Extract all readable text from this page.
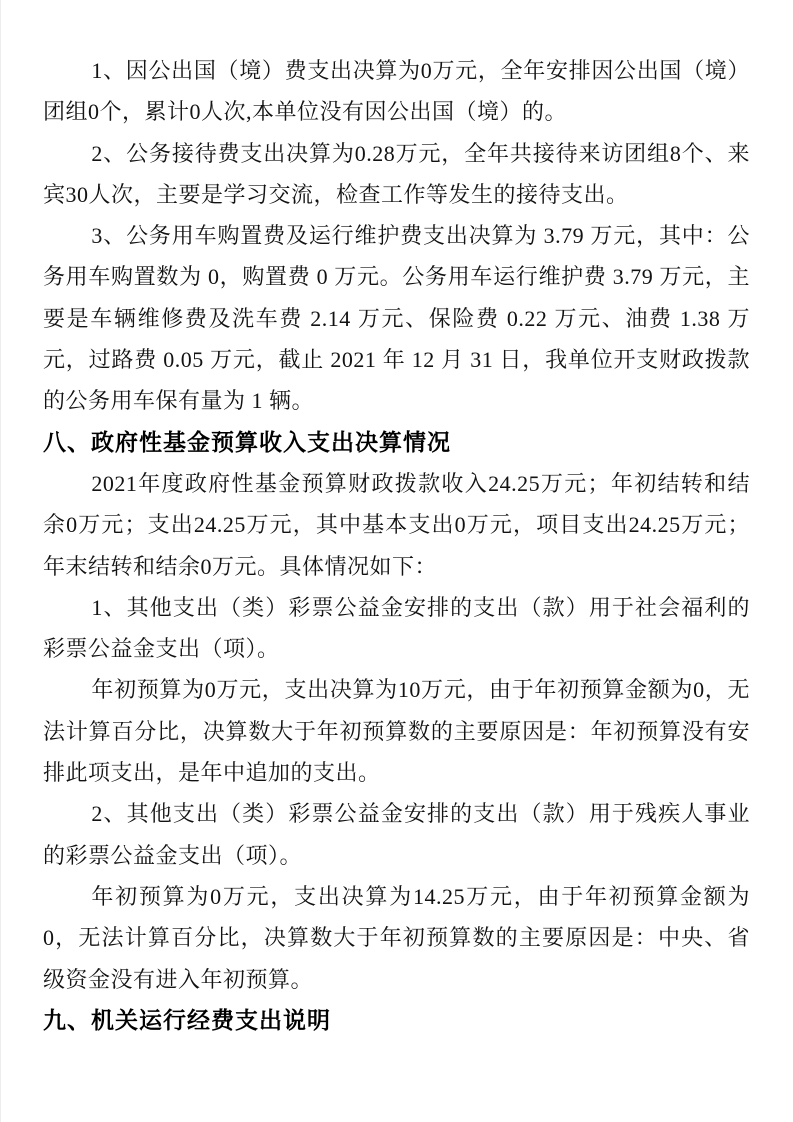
1、因公出国（境）费支出决算为0万元，全年安排因公出国（境）团组0个，累计0人次,本单位没有因公出国（境）的。

2、公务接待费支出决算为0.28万元，全年共接待来访团组8个、来宾30人次，主要是学习交流，检查工作等发生的接待支出。

3、公务用车购置费及运行维护费支出决算为 3.79 万元，其中：公务用车购置数为 0，购置费 0 万元。公务用车运行维护费 3.79 万元，主要是车辆维修费及洗车费 2.14 万元、保险费 0.22 万元、油费 1.38 万元，过路费 0.05 万元，截止 2021 年 12 月 31 日，我单位开支财政拨款的公务用车保有量为 1 辆。

八、政府性基金预算收入支出决算情况

2021年度政府性基金预算财政拨款收入24.25万元；年初结转和结余0万元；支出24.25万元，其中基本支出0万元，项目支出24.25万元；年末结转和结余0万元。具体情况如下：

1、其他支出（类）彩票公益金安排的支出（款）用于社会福利的彩票公益金支出（项）。

年初预算为0万元，支出决算为10万元，由于年初预算金额为0，无法计算百分比，决算数大于年初预算数的主要原因是：年初预算没有安排此项支出，是年中追加的支出。

2、其他支出（类）彩票公益金安排的支出（款）用于残疾人事业的彩票公益金支出（项）。

年初预算为0万元，支出决算为14.25万元，由于年初预算金额为0，无法计算百分比，决算数大于年初预算数的主要原因是：中央、省级资金没有进入年初预算。

九、机关运行经费支出说明
